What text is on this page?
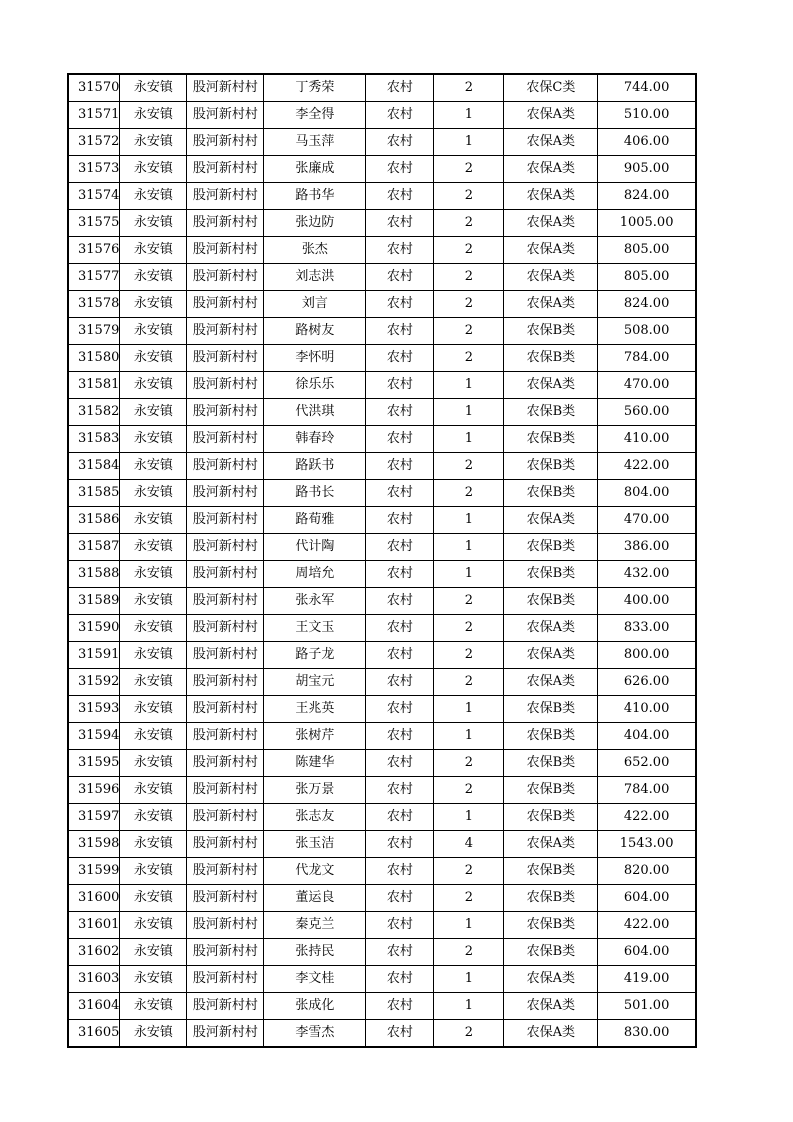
31570	永安镇	股河新村村	丁秀荣	农村	2	农保C类	744.00
31571	永安镇	股河新村村	李全得	农村	1	农保A类	510.00
31572	永安镇	股河新村村	马玉萍	农村	1	农保A类	406.00
31573	永安镇	股河新村村	张廉成	农村	2	农保A类	905.00
31574	永安镇	股河新村村	路书华	农村	2	农保A类	824.00
31575	永安镇	股河新村村	张边防	农村	2	农保A类	1005.00
31576	永安镇	股河新村村	张杰	农村	2	农保A类	805.00
31577	永安镇	股河新村村	刘志洪	农村	2	农保A类	805.00
31578	永安镇	股河新村村	刘言	农村	2	农保A类	824.00
31579	永安镇	股河新村村	路树友	农村	2	农保B类	508.00
31580	永安镇	股河新村村	李怀明	农村	2	农保B类	784.00
31581	永安镇	股河新村村	徐乐乐	农村	1	农保A类	470.00
31582	永安镇	股河新村村	代洪琪	农村	1	农保B类	560.00
31583	永安镇	股河新村村	韩春玲	农村	1	农保B类	410.00
31584	永安镇	股河新村村	路跃书	农村	2	农保B类	422.00
31585	永安镇	股河新村村	路书长	农村	2	农保B类	804.00
31586	永安镇	股河新村村	路荀雅	农村	1	农保A类	470.00
31587	永安镇	股河新村村	代计陶	农村	1	农保B类	386.00
31588	永安镇	股河新村村	周培允	农村	1	农保B类	432.00
31589	永安镇	股河新村村	张永军	农村	2	农保B类	400.00
31590	永安镇	股河新村村	王文玉	农村	2	农保A类	833.00
31591	永安镇	股河新村村	路子龙	农村	2	农保A类	800.00
31592	永安镇	股河新村村	胡宝元	农村	2	农保A类	626.00
31593	永安镇	股河新村村	王兆英	农村	1	农保B类	410.00
31594	永安镇	股河新村村	张树芹	农村	1	农保B类	404.00
31595	永安镇	股河新村村	陈建华	农村	2	农保B类	652.00
31596	永安镇	股河新村村	张万景	农村	2	农保B类	784.00
31597	永安镇	股河新村村	张志友	农村	1	农保B类	422.00
31598	永安镇	股河新村村	张玉洁	农村	4	农保A类	1543.00
31599	永安镇	股河新村村	代龙文	农村	2	农保B类	820.00
31600	永安镇	股河新村村	董运良	农村	2	农保B类	604.00
31601	永安镇	股河新村村	秦克兰	农村	1	农保B类	422.00
31602	永安镇	股河新村村	张持民	农村	2	农保B类	604.00
31603	永安镇	股河新村村	李文桂	农村	1	农保A类	419.00
31604	永安镇	股河新村村	张成化	农村	1	农保A类	501.00
31605	永安镇	股河新村村	李雪杰	农村	2	农保A类	830.00
